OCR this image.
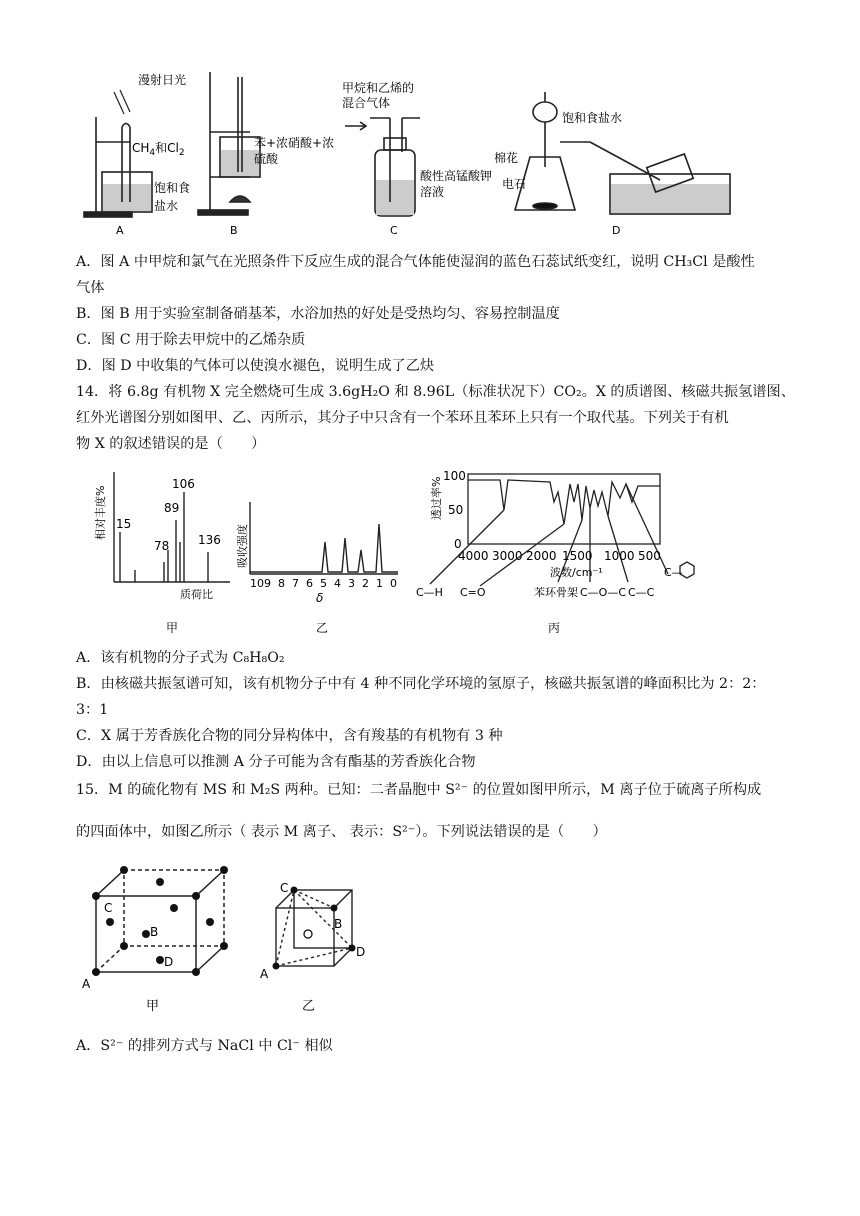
漫射日光
$CH_4$和$Cl_2$
饱和食
盐水
A
苯+浓硝酸+浓
硫酸
B
甲烷和乙烯的
混合气体
酸性高锰酸钾
溶液
C
饱和食盐水
棉花
电石
D
A．图 A 中甲烷和氯气在光照条件下反应生成的混合气体能使湿润的蓝色石蕊试纸变红，说明 CH₃Cl 是酸性
气体
B．图 B 用于实验室制备硝基苯，水浴加热的好处是受热均匀、容易控制温度
C．图 C 用于除去甲烷中的乙烯杂质
D．图 D 中收集的气体可以使溴水褪色，说明生成了乙炔
14．将 6.8g 有机物 X 完全燃烧可生成 3.6gH₂O 和 8.96L（标准状况下）CO₂。X 的质谱图、核磁共振氢谱图、
红外光谱图分别如图甲、乙、丙所示，其分子中只含有一个苯环且苯环上只有一个取代基。下列关于有机
物 X 的叙述错误的是（　　）
相对丰度% 15
78
89
106
136
质荷比
甲
吸收强度
10 9 8 7 6 5 4 3 2 1 0
δ
乙
透过率%
100
50
0
4000 3000 2000 1500 1000 500
波数/cm⁻¹
C—H C=O	苯环骨架 C—O—C C—C
C—
丙
A．该有机物的分子式为 C₈H₈O₂
B．由核磁共振氢谱可知，该有机物分子中有 4 种不同化学环境的氢原子，核磁共振氢谱的峰面积比为 2：2：
3：1
C．X 属于芳香族化合物的同分异构体中，含有羧基的有机物有 3 种
D．由以上信息可以推测 A 分子可能为含有酯基的芳香族化合物
15．M 的硫化物有 MS 和 M₂S 两种。已知：二者晶胞中 S²⁻ 的位置如图甲所示，M 离子位于硫离子所构成
的四面体中，如图乙所示（ 表示 M 离子、 表示：S²⁻）。下列说法错误的是（　　）
A
B
C
D
甲
A
B
C
D
乙
A．S²⁻ 的排列方式与 NaCl 中 Cl⁻ 相似
